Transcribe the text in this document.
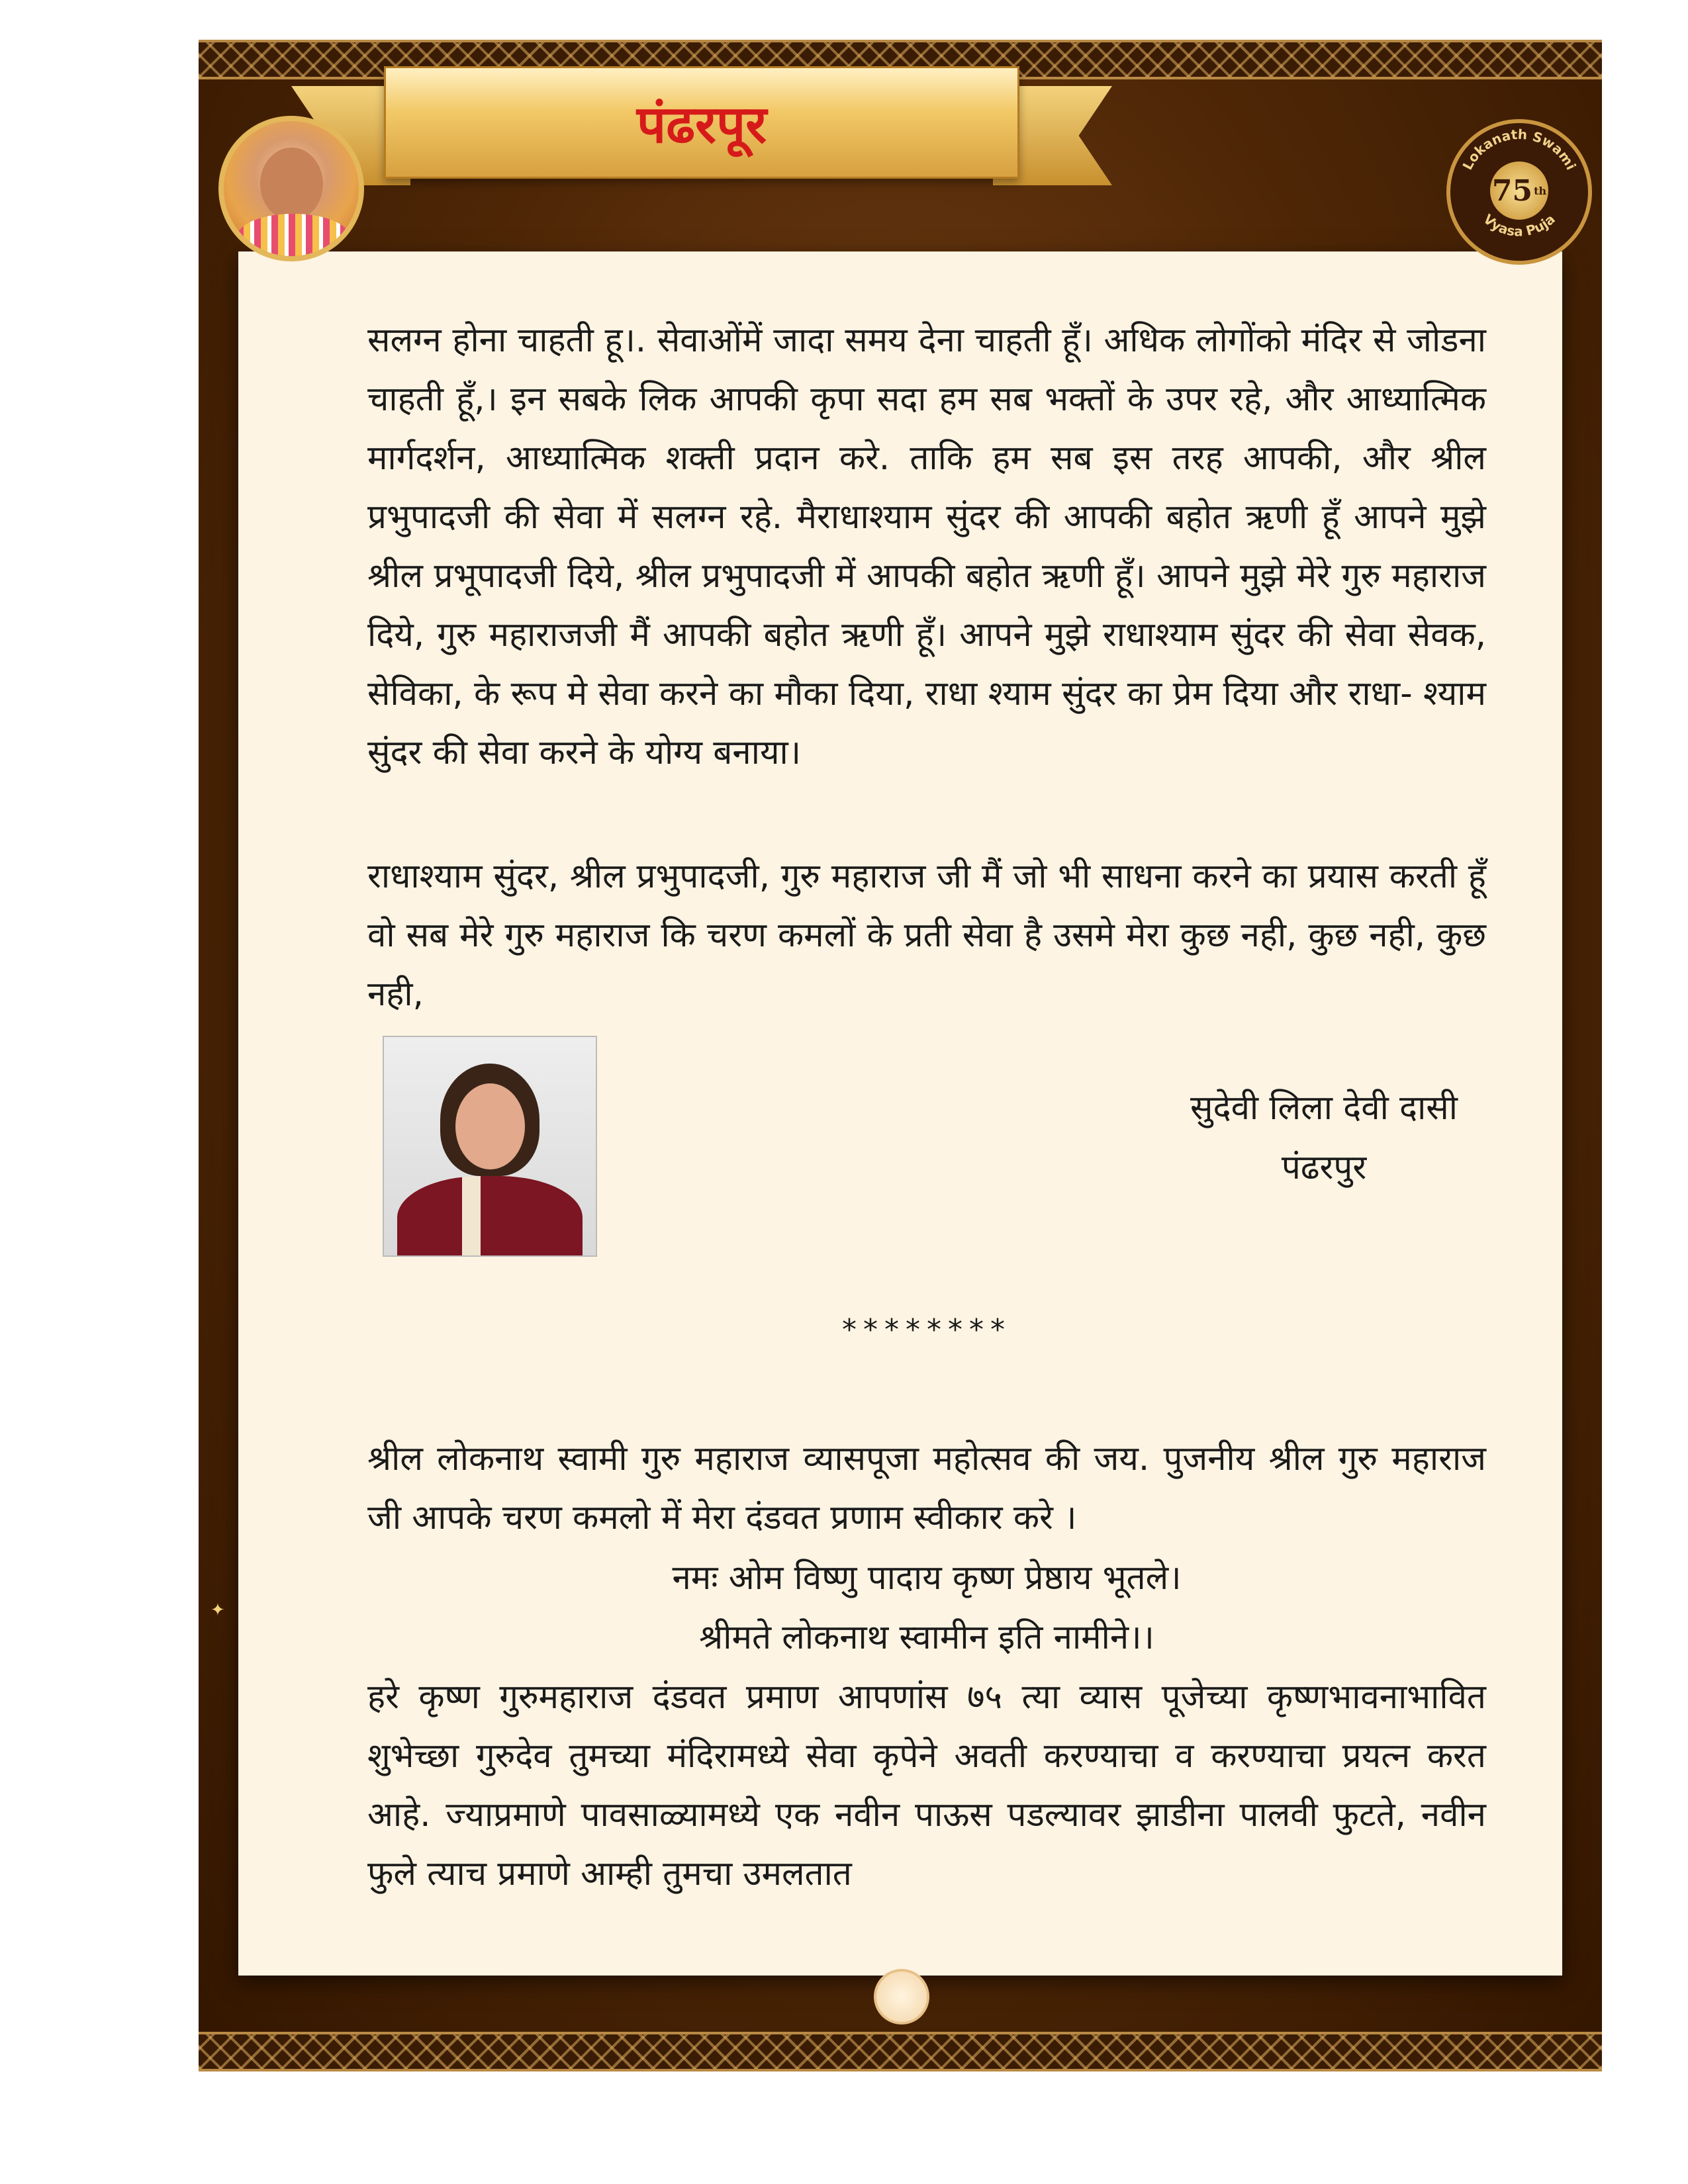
पंढरपूर
Lokanath Swami
Vyasa Puja
75 th

सलग्न होना चाहती हू।. सेवाओंमें जादा समय देना चाहती हूँ। अधिक लोगोंको मंदिर से जोडना चाहती हूँ,। इन सबके लिक आपकी कृपा सदा हम सब भक्तों के उपर रहे, और आध्यात्मिक मार्गदर्शन, आध्यात्मिक शक्ती प्रदान करे. ताकि हम सब इस तरह आपकी, और श्रील प्रभुपादजी की सेवा में सलग्न रहे. मैराधाश्याम सुंदर की आपकी बहोत ऋणी हूँ आपने मुझे श्रील प्रभूपादजी दिये, श्रील प्रभुपादजी में आपकी बहोत ऋणी हूँ। आपने मुझे मेरे गुरु महाराज दिये, गुरु महाराजजी मैं आपकी बहोत ऋणी हूँ। आपने मुझे राधाश्याम सुंदर की सेवा सेवक, सेविका, के रूप मे सेवा करने का मौका दिया, राधा श्याम सुंदर का प्रेम दिया और राधा- श्याम सुंदर की सेवा करने के योग्य बनाया।

राधाश्याम सुंदर, श्रील प्रभुपादजी, गुरु महाराज जी मैं जो भी साधना करने का प्रयास करती हूँ वो सब मेरे गुरु महाराज कि चरण कमलों के प्रती सेवा है उसमे मेरा कुछ नही, कुछ नही, कुछ नही,

सुदेवी लिला देवी दासी
पंढरपुर

********

श्रील लोकनाथ स्वामी गुरु महाराज व्यासपूजा महोत्सव की जय. पुजनीय श्रील गुरु महाराज जी आपके चरण कमलो में मेरा दंडवत प्रणाम स्वीकार करे ।

नमः ओम विष्णु पादाय कृष्ण प्रेष्ठाय भूतले।

श्रीमते लोकनाथ स्वामीन इति नामीने।।

हरे कृष्ण गुरुमहाराज दंडवत प्रमाण आपणांस ७५ त्या व्यास पूजेच्या कृष्णभावनाभावित शुभेच्छा गुरुदेव तुमच्या मंदिरामध्ये सेवा कृपेने अवती करण्याचा व करण्याचा प्रयत्न करत आहे. ज्याप्रमाणे पावसाळ्यामध्ये एक नवीन पाऊस पडल्यावर झाडीना पालवी फुटते, नवीन फुले त्याच प्रमाणे आम्ही तुमचा उमलतात

✦
